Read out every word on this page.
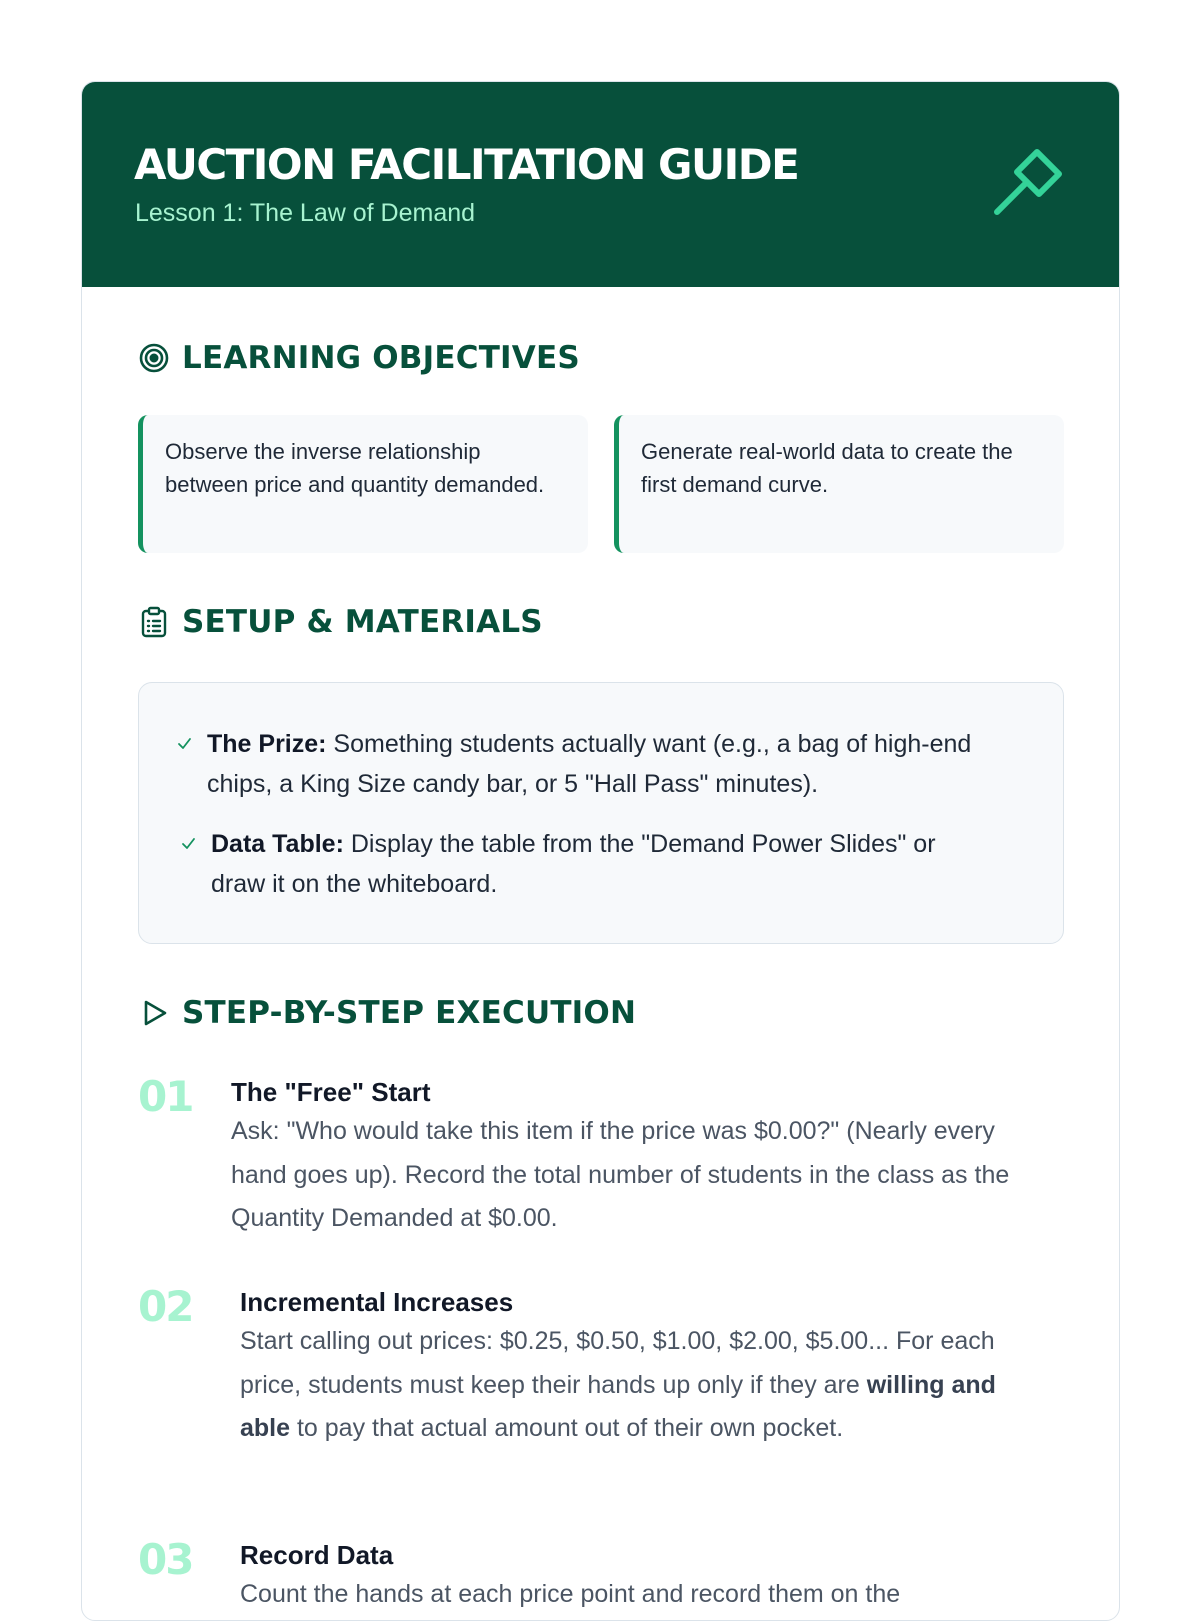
AUCTION FACILITATION GUIDE
Lesson 1: The Law of Demand
LEARNING OBJECTIVES
Observe the inverse relationship between price and quantity demanded.
Generate real-world data to create the first demand curve.
SETUP & MATERIALS
The Prize: Something students actually want (e.g., a bag of high-end chips, a King Size candy bar, or 5 "Hall Pass" minutes).
Data Table: Display the table from the "Demand Power Slides" or draw it on the whiteboard.
STEP-BY-STEP EXECUTION
01 The "Free" Start
Ask: "Who would take this item if the price was $0.00?" (Nearly every hand goes up). Record the total number of students in the class as the Quantity Demanded at $0.00.
02 Incremental Increases
Start calling out prices: $0.25, $0.50, $1.00, $2.00, $5.00... For each price, students must keep their hands up only if they are willing and able to pay that actual amount out of their own pocket.
03 Record Data
Count the hands at each price point and record them on the
